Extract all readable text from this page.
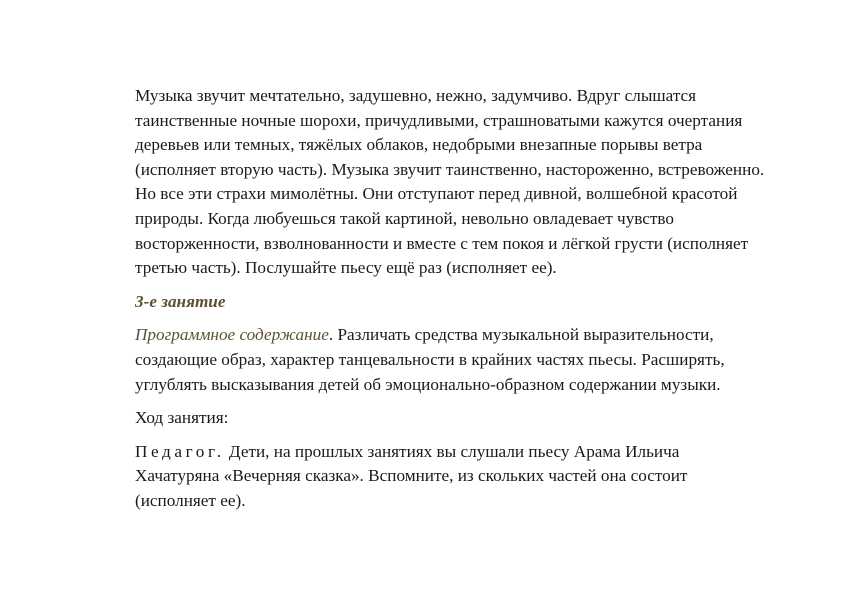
Музыка звучит мечтательно, задушевно, нежно, задумчиво. Вдруг слышатся таинственные ночные шорохи, причудливыми, страшноватыми кажутся очертания деревьев или темных, тяжёлых облаков, недобрыми внезапные порывы ветра (исполняет вторую часть). Музыка звучит таинственно, настороженно, встревоженно. Но все эти страхи мимолётны. Они отступают перед дивной, волшебной красотой природы. Когда любуешься такой картиной, невольно овладевает чувство восторженности, взволнованности и вместе с тем покоя и лёгкой грусти (исполняет третью часть). Послушайте пьесу ещё раз (исполняет ее).

3-е занятие

Программное содержание. Различать средства музыкальной выразительности, создающие образ, характер танцевальности в крайних частях пьесы. Расширять, углублять высказывания детей об эмоционально-образном содержании музыки.

Ход занятия:

Педагог. Дети, на прошлых занятиях вы слушали пьесу Арама Ильича Хачатуряна «Вечерняя сказка». Вспомните, из скольких частей она состоит (исполняет ее).
